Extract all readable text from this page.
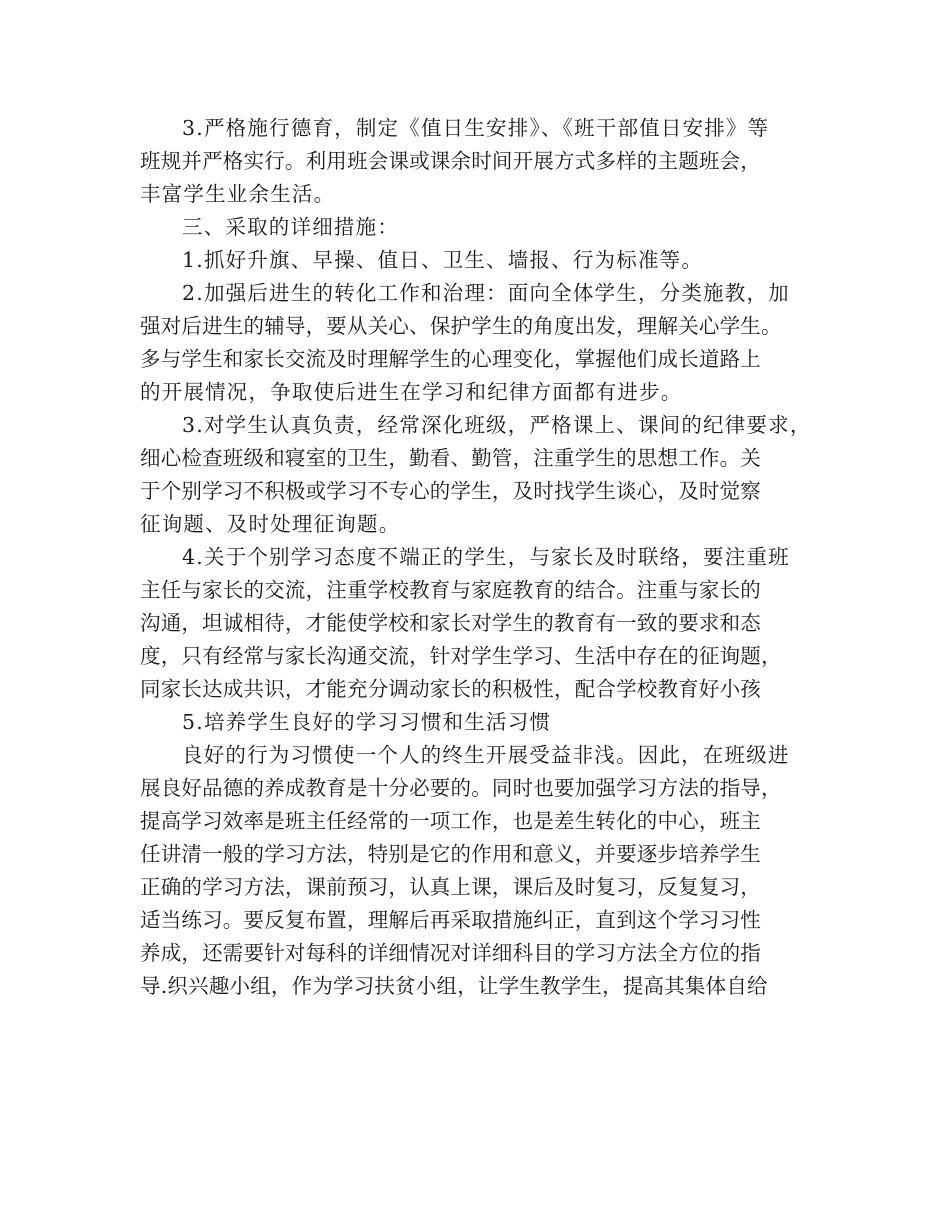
3.严格施行德育，制定《值日生安排》、《班干部值日安排》等
班规并严格实行。利用班会课或课余时间开展方式多样的主题班会，
丰富学生业余生活。
三、采取的详细措施：
1.抓好升旗、早操、值日、卫生、墙报、行为标准等。
2.加强后进生的转化工作和治理：面向全体学生，分类施教，加
强对后进生的辅导，要从关心、保护学生的角度出发，理解关心学生。
多与学生和家长交流及时理解学生的心理变化，掌握他们成长道路上
的开展情况，争取使后进生在学习和纪律方面都有进步。
3.对学生认真负责，经常深化班级，严格课上、课间的纪律要求，
细心检查班级和寝室的卫生，勤看、勤管，注重学生的思想工作。关
于个别学习不积极或学习不专心的学生，及时找学生谈心，及时觉察
征询题、及时处理征询题。
4.关于个别学习态度不端正的学生，与家长及时联络，要注重班
主任与家长的交流，注重学校教育与家庭教育的结合。注重与家长的
沟通，坦诚相待，才能使学校和家长对学生的教育有一致的要求和态
度，只有经常与家长沟通交流，针对学生学习、生活中存在的征询题，
同家长达成共识，才能充分调动家长的积极性，配合学校教育好小孩
5.培养学生良好的学习习惯和生活习惯
良好的行为习惯使一个人的终生开展受益非浅。因此，在班级进
展良好品德的养成教育是十分必要的。同时也要加强学习方法的指导，
提高学习效率是班主任经常的一项工作，也是差生转化的中心，班主
任讲清一般的学习方法，特别是它的作用和意义，并要逐步培养学生
正确的学习方法，课前预习，认真上课，课后及时复习，反复复习，
适当练习。要反复布置，理解后再采取措施纠正，直到这个学习习性
养成，还需要针对每科的详细情况对详细科目的学习方法全方位的指
导.织兴趣小组，作为学习扶贫小组，让学生教学生，提高其集体自给
